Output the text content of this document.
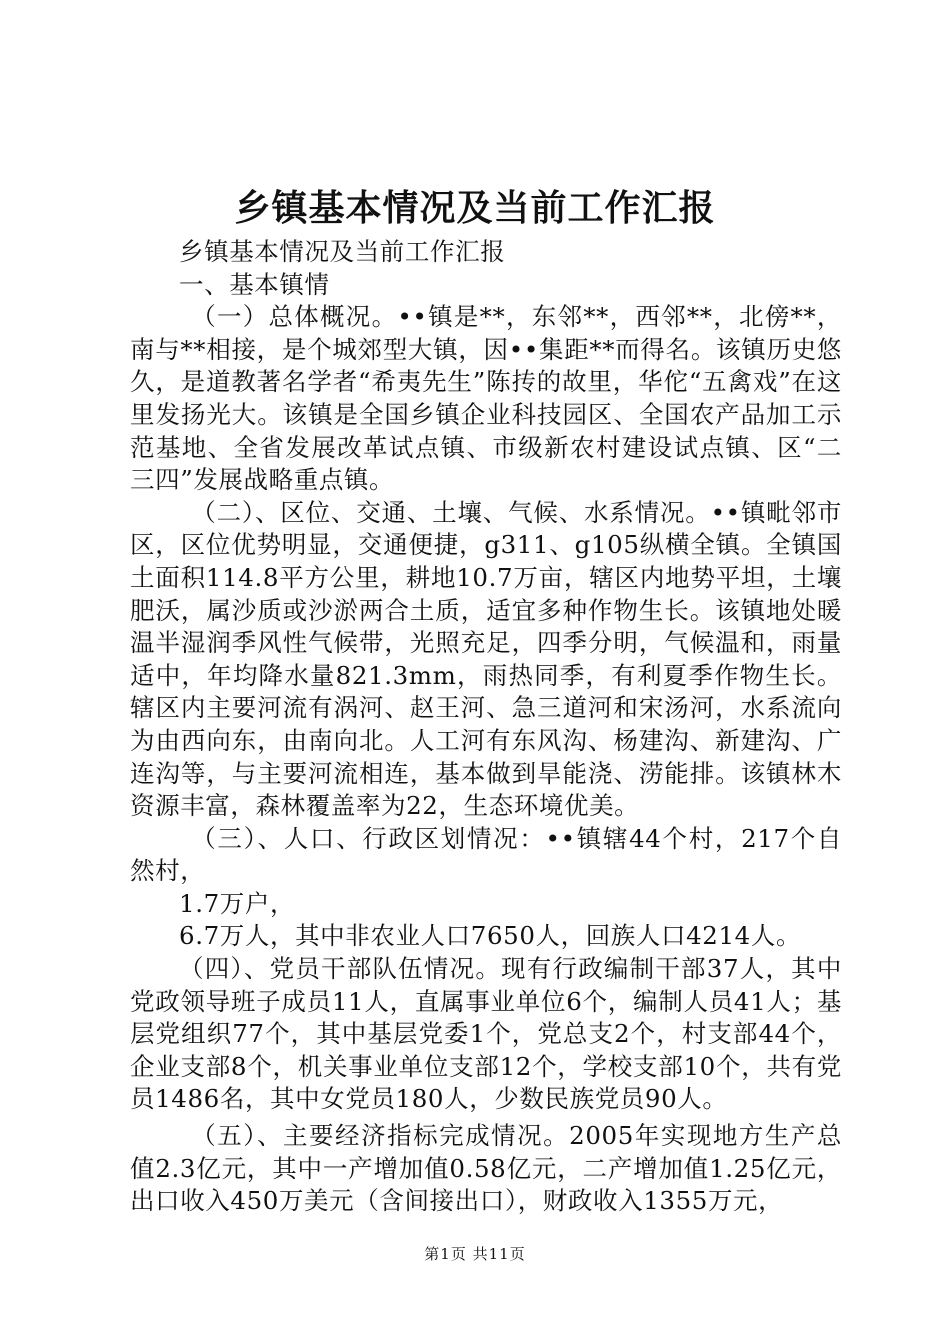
乡镇基本情况及当前工作汇报

乡镇基本情况及当前工作汇报

一、基本镇情

（一）总体概况。••镇是**，东邻**，西邻**，北傍**，南与**相接，是个城郊型大镇，因••集距**而得名。该镇历史悠久，是道教著名学者“希夷先生”陈抟的故里，华佗“五禽戏”在这里发扬光大。该镇是全国乡镇企业科技园区、全国农产品加工示范基地、全省发展改革试点镇、市级新农村建设试点镇、区“二三四”发展战略重点镇。

（二）、区位、交通、土壤、气候、水系情况。••镇毗邻市区，区位优势明显，交通便捷，g311、g105纵横全镇。全镇国土面积114.8平方公里，耕地10.7万亩，辖区内地势平坦，土壤肥沃，属沙质或沙淤两合土质，适宜多种作物生长。该镇地处暖温半湿润季风性气候带，光照充足，四季分明，气候温和，雨量适中，年均降水量821.3mm，雨热同季，有利夏季作物生长。辖区内主要河流有涡河、赵王河、急三道河和宋汤河，水系流向为由西向东，由南向北。人工河有东风沟、杨建沟、新建沟、广连沟等，与主要河流相连，基本做到旱能浇、涝能排。该镇林木资源丰富，森林覆盖率为22，生态环境优美。

（三）、人口、行政区划情况：••镇辖44个村，217个自然村，

1.7万户，

6.7万人，其中非农业人口7650人，回族人口4214人。

（四）、党员干部队伍情况。现有行政编制干部37人，其中党政领导班子成员11人，直属事业单位6个，编制人员41人；基层党组织77个，其中基层党委1个，党总支2个，村支部44个，企业支部8个，机关事业单位支部12个，学校支部10个，共有党员1486名，其中女党员180人，少数民族党员90人。

（五）、主要经济指标完成情况。2005年实现地方生产总值2.3亿元，其中一产增加值0.58亿元，二产增加值1.25亿元，出口收入450万美元（含间接出口），财政收入1355万元，

第1页 共11页
